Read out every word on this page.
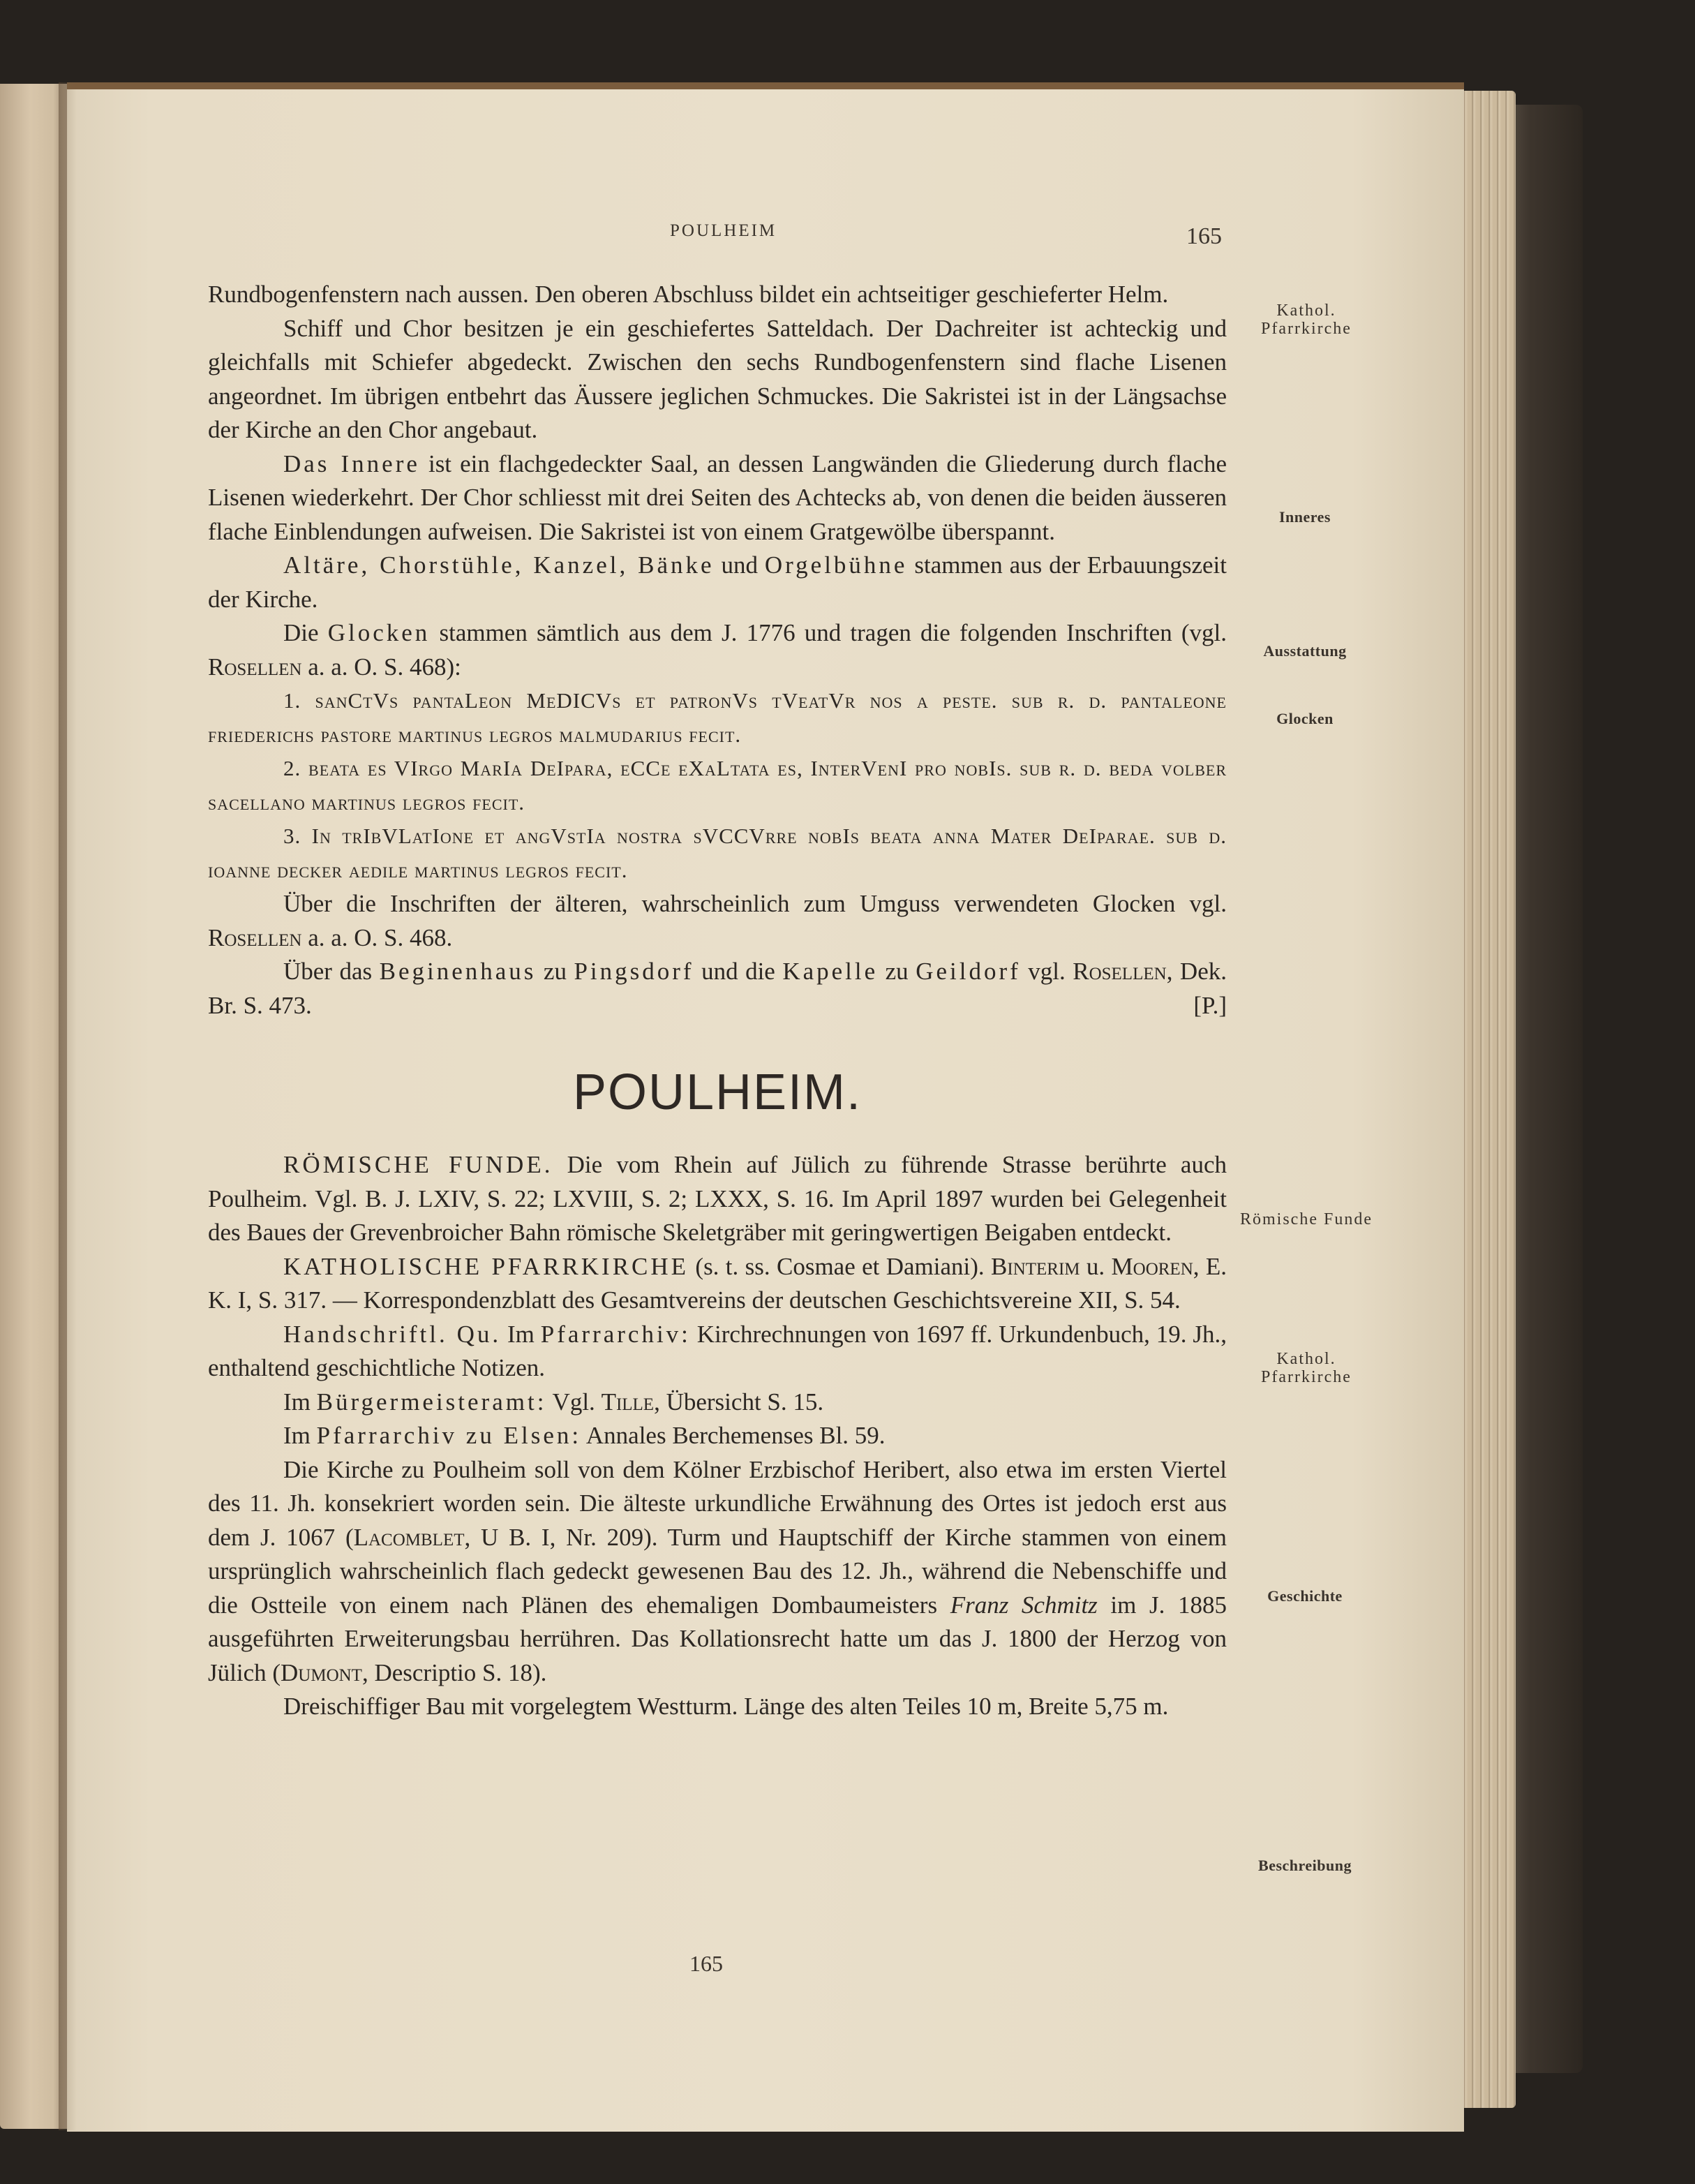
POULHEIM	165
Kathol. Pfarrkirche
Inneres
Ausstattung
Glocken
Römische Funde
Kathol. Pfarrkirche
Geschichte
Beschreibung

Rundbogenfenstern nach aussen. Den oberen Abschluss bildet ein achtseitiger geschieferter Helm.

Schiff und Chor besitzen je ein geschiefertes Satteldach. Der Dachreiter ist achteckig und gleichfalls mit Schiefer abgedeckt. Zwischen den sechs Rundbogenfenstern sind flache Lisenen angeordnet. Im übrigen entbehrt das Äussere jeglichen Schmuckes. Die Sakristei ist in der Längsachse der Kirche an den Chor angebaut.

Das Innere ist ein flachgedeckter Saal, an dessen Langwänden die Gliederung durch flache Lisenen wiederkehrt. Der Chor schliesst mit drei Seiten des Achtecks ab, von denen die beiden äusseren flache Einblendungen aufweisen. Die Sakristei ist von einem Gratgewölbe überspannt.

Altäre, Chorstühle, Kanzel, Bänke und Orgelbühne stammen aus der Erbauungszeit der Kirche.

Die Glocken stammen sämtlich aus dem J. 1776 und tragen die folgenden Inschriften (vgl. Rosellen a. a. O. S. 468):

1. sanCtVs pantaLeon MeDICVs et patronVs tVeatVr nos a peste. sub r. d. pantaleone friederichs pastore martinus legros malmudarius fecit.

2. beata es VIrgo MarIa DeIpara, eCCe eXaLtata es, InterVenI pro nobIs. sub r. d. beda volber sacellano martinus legros fecit.

3. In trIbVLatIone et angVstIa nostra sVCCVrre nobIs beata anna Mater DeIparae. sub d. ioanne decker aedile martinus legros fecit.

Über die Inschriften der älteren, wahrscheinlich zum Umguss verwendeten Glocken vgl. Rosellen a. a. O. S. 468.

Über das Beginenhaus zu Pingsdorf und die Kapelle zu Geildorf vgl. Rosellen, Dek. Br. S. 473.	[P.]

POULHEIM.

RÖMISCHE FUNDE. Die vom Rhein auf Jülich zu führende Strasse berührte auch Poulheim. Vgl. B. J. LXIV, S. 22; LXVIII, S. 2; LXXX, S. 16. Im April 1897 wurden bei Gelegenheit des Baues der Grevenbroicher Bahn römische Skeletgräber mit geringwertigen Beigaben entdeckt.

KATHOLISCHE PFARRKIRCHE (s. t. ss. Cosmae et Damiani). Binterim u. Mooren, E. K. I, S. 317. — Korrespondenzblatt des Gesamtvereins der deutschen Geschichtsvereine XII, S. 54.

Handschriftl. Qu. Im Pfarrarchiv: Kirchrechnungen von 1697 ff. Urkundenbuch, 19. Jh., enthaltend geschichtliche Notizen.

Im Bürgermeisteramt: Vgl. Tille, Übersicht S. 15.

Im Pfarrarchiv zu Elsen: Annales Berchemenses Bl. 59.

Die Kirche zu Poulheim soll von dem Kölner Erzbischof Heribert, also etwa im ersten Viertel des 11. Jh. konsekriert worden sein. Die älteste urkundliche Erwähnung des Ortes ist jedoch erst aus dem J. 1067 (Lacomblet, U B. I, Nr. 209). Turm und Hauptschiff der Kirche stammen von einem ursprünglich wahrscheinlich flach gedeckt gewesenen Bau des 12. Jh., während die Nebenschiffe und die Ostteile von einem nach Plänen des ehemaligen Dombaumeisters Franz Schmitz im J. 1885 ausgeführten Erweiterungsbau herrühren. Das Kollationsrecht hatte um das J. 1800 der Herzog von Jülich (Dumont, Descriptio S. 18).

Dreischiffiger Bau mit vorgelegtem Westturm. Länge des alten Teiles 10 m, Breite 5,75 m.

165
